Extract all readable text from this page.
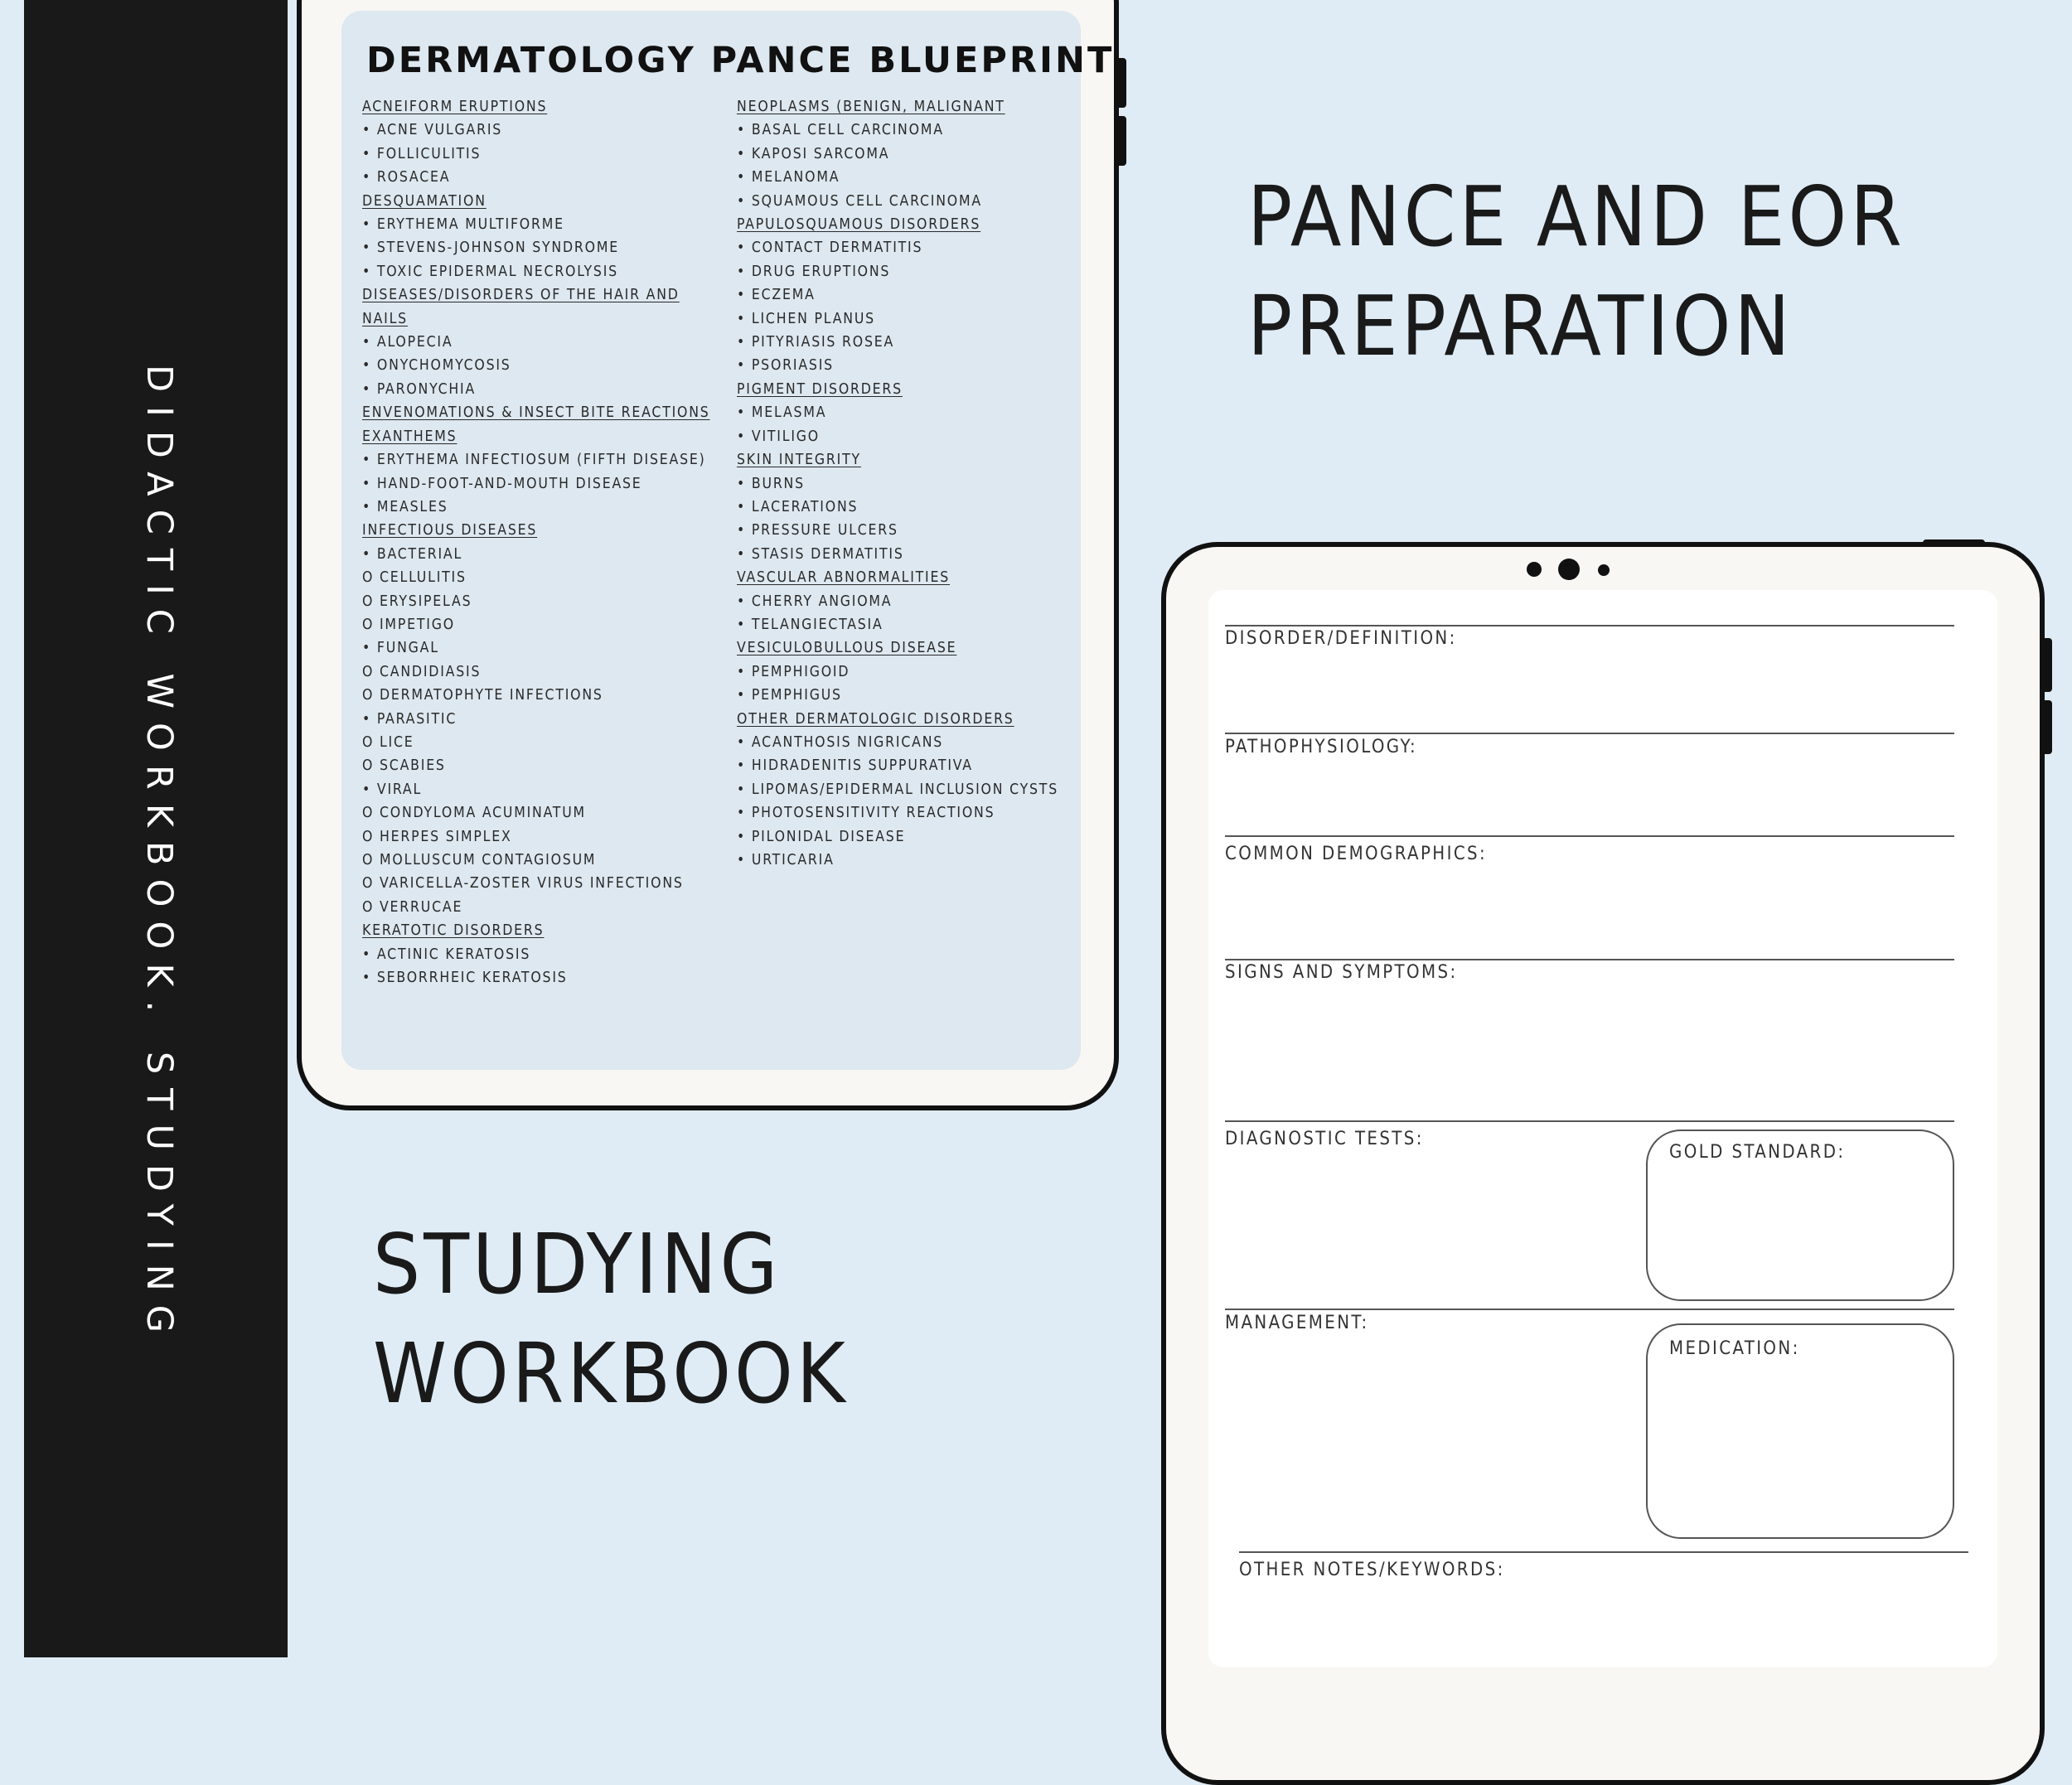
DIDACTIC WORKBOOK. STUDYING
PANCE AND EOR
PREPARATION
STUDYING
WORKBOOK
DERMATOLOGY PANCE BLUEPRINT
ACNEIFORM ERUPTIONS
• ACNE VULGARIS
• FOLLICULITIS
• ROSACEA
DESQUAMATION
• ERYTHEMA MULTIFORME
• STEVENS-JOHNSON SYNDROME
• TOXIC EPIDERMAL NECROLYSIS
DISEASES/DISORDERS OF THE HAIR AND
NAILS
• ALOPECIA
• ONYCHOMYCOSIS
• PARONYCHIA
ENVENOMATIONS & INSECT BITE REACTIONS
EXANTHEMS
• ERYTHEMA INFECTIOSUM (FIFTH DISEASE)
• HAND-FOOT-AND-MOUTH DISEASE
• MEASLES
INFECTIOUS DISEASES
• BACTERIAL
O CELLULITIS
O ERYSIPELAS
O IMPETIGO
• FUNGAL
O CANDIDIASIS
O DERMATOPHYTE INFECTIONS
• PARASITIC
O LICE
O SCABIES
• VIRAL
O CONDYLOMA ACUMINATUM
O HERPES SIMPLEX
O MOLLUSCUM CONTAGIOSUM
O VARICELLA-ZOSTER VIRUS INFECTIONS
O VERRUCAE
KERATOTIC DISORDERS
• ACTINIC KERATOSIS
• SEBORRHEIC KERATOSIS
NEOPLASMS (BENIGN, MALIGNANT
• BASAL CELL CARCINOMA
• KAPOSI SARCOMA
• MELANOMA
• SQUAMOUS CELL CARCINOMA
PAPULOSQUAMOUS DISORDERS
• CONTACT DERMATITIS
• DRUG ERUPTIONS
• ECZEMA
• LICHEN PLANUS
• PITYRIASIS ROSEA
• PSORIASIS
PIGMENT DISORDERS
• MELASMA
• VITILIGO
SKIN INTEGRITY
• BURNS
• LACERATIONS
• PRESSURE ULCERS
• STASIS DERMATITIS
VASCULAR ABNORMALITIES
• CHERRY ANGIOMA
• TELANGIECTASIA
VESICULOBULLOUS DISEASE
• PEMPHIGOID
• PEMPHIGUS
OTHER DERMATOLOGIC DISORDERS
• ACANTHOSIS NIGRICANS
• HIDRADENITIS SUPPURATIVA
• LIPOMAS/EPIDERMAL INCLUSION CYSTS
• PHOTOSENSITIVITY REACTIONS
• PILONIDAL DISEASE
• URTICARIA
DISORDER/DEFINITION:
PATHOPHYSIOLOGY:
COMMON DEMOGRAPHICS:
SIGNS AND SYMPTOMS:
DIAGNOSTIC TESTS:
GOLD STANDARD:
MANAGEMENT:
MEDICATION:
OTHER NOTES/KEYWORDS:
